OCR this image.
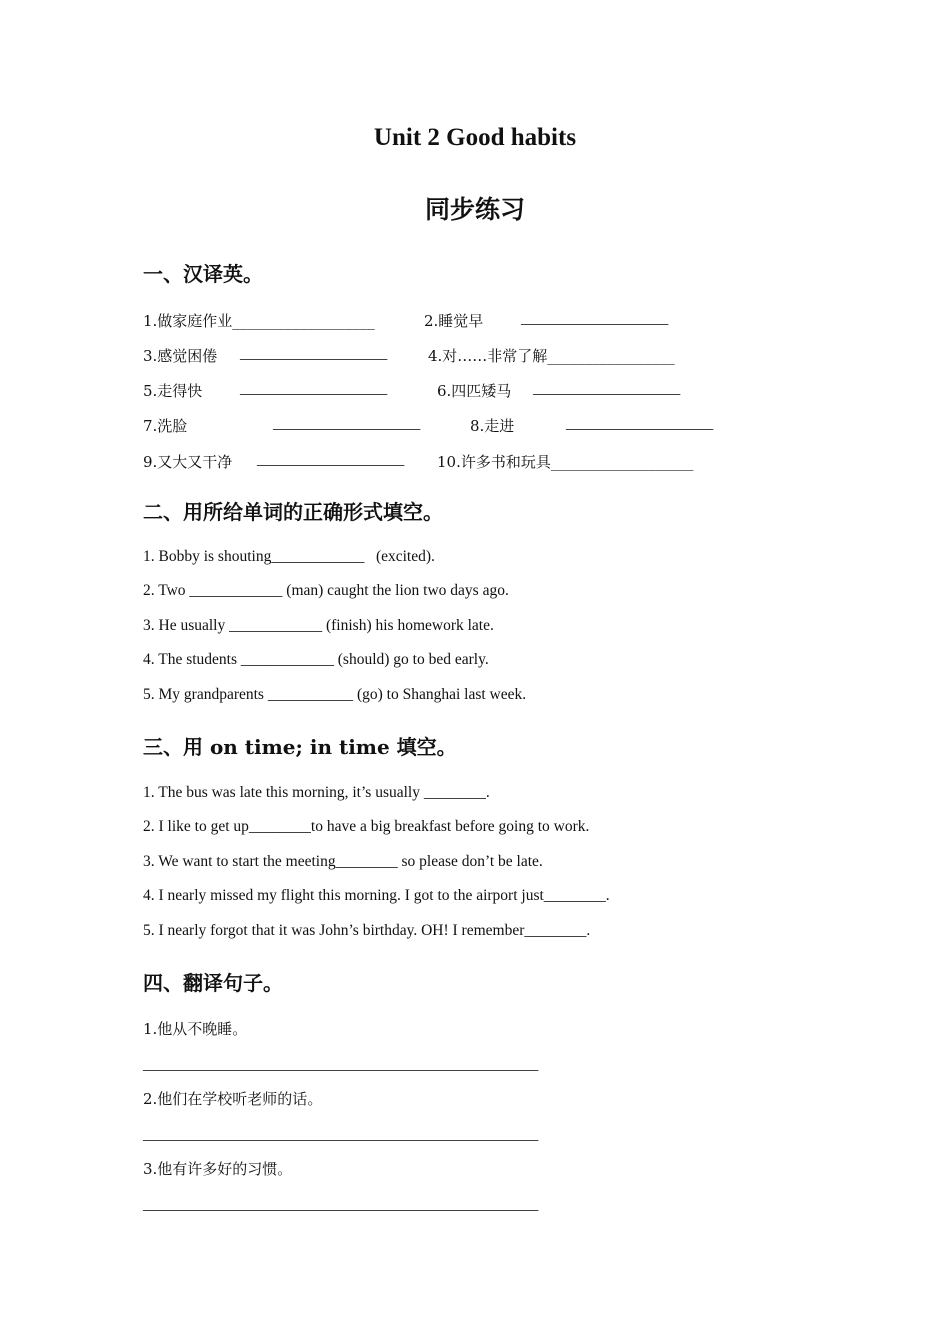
Unit 2 Good habits
同步练习
一、汉译英。
1.做家庭作业___________________	2.睡觉早 ___________________
3.感觉困倦 ___________________	4.对……非常了解_________________
5.走得快 ___________________	6.四匹矮马 ___________________
7.洗脸	___________________	8.走进	___________________
9.又大又干净 ___________________ 10.许多书和玩具___________________
二、用所给单词的正确形式填空。
1. Bobby is shouting____________   (excited).
2. Two ____________ (man) caught the lion two days ago.
3. He usually ____________ (finish) his homework late.
4. The students ____________ (should) go to bed early.
5. My grandparents ___________ (go) to Shanghai last week.
三、用 on time; in time 填空。
1. The bus was late this morning, it’s usually ________.
2. I like to get up________to have a big breakfast before going to work.
3. We want to start the meeting________ so please don’t be late.
4. I nearly missed my flight this morning. I got to the airport just________.
5. I nearly forgot that it was John’s birthday. OH! I remember________.
四、翻译句子。
1.他从不晚睡。
___________________________________________________
2.他们在学校听老师的话。
___________________________________________________
3.他有许多好的习惯。
___________________________________________________
